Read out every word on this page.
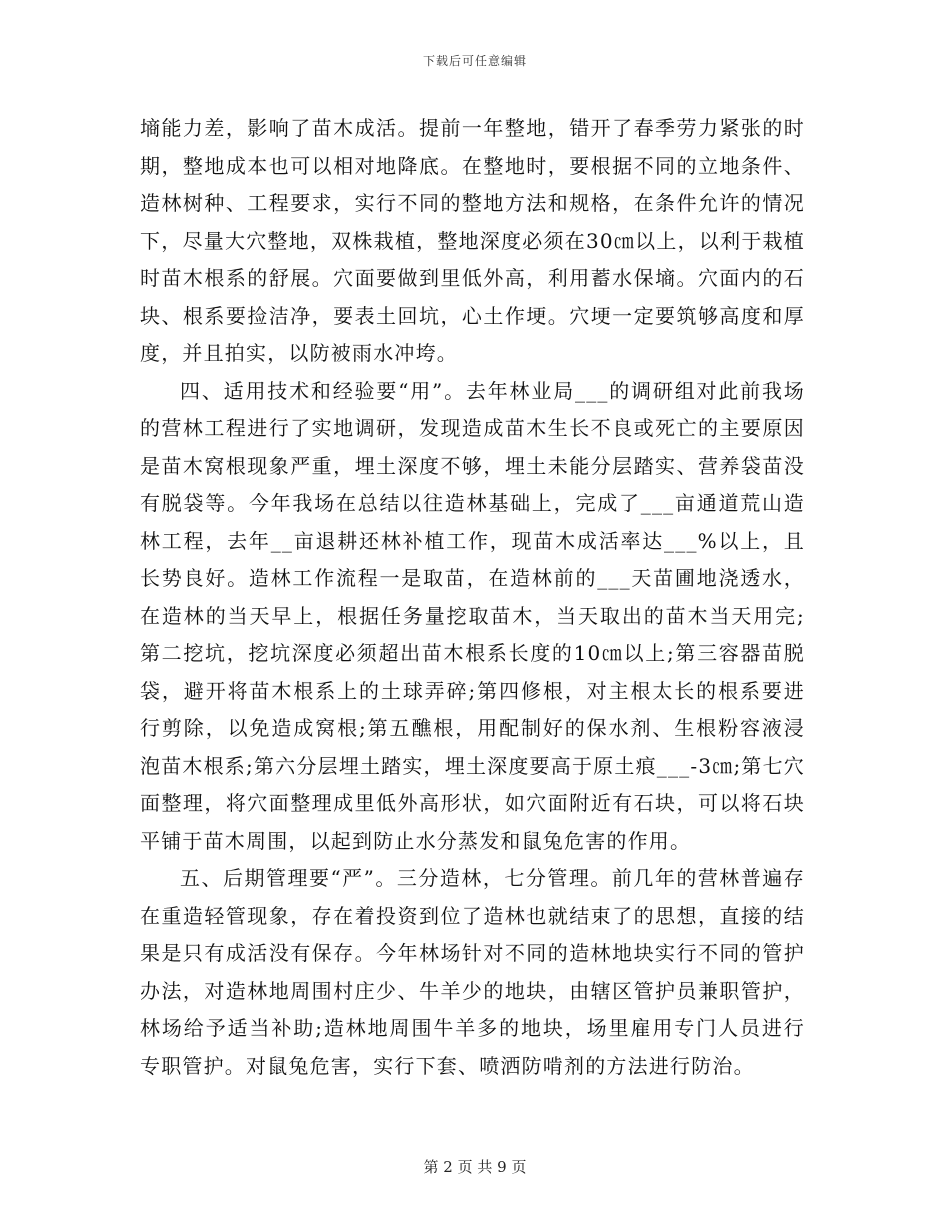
下载后可任意编辑

墒能力差，影响了苗木成活。提前一年整地，错开了春季劳力紧张的时期，整地成本也可以相对地降底。在整地时，要根据不同的立地条件、造林树种、工程要求，实行不同的整地方法和规格，在条件允许的情况下，尽量大穴整地，双株栽植，整地深度必须在30㎝以上，以利于栽植时苗木根系的舒展。穴面要做到里低外高，利用蓄水保墒。穴面内的石块、根系要捡洁净，要表土回坑，心土作埂。穴埂一定要筑够高度和厚度，并且拍实，以防被雨水冲垮。

四、适用技术和经验要“用”。去年林业局___的调研组对此前我场的营林工程进行了实地调研，发现造成苗木生长不良或死亡的主要原因是苗木窝根现象严重，埋土深度不够，埋土未能分层踏实、营养袋苗没有脱袋等。今年我场在总结以往造林基础上，完成了___亩通道荒山造林工程，去年__亩退耕还林补植工作，现苗木成活率达___%以上，且长势良好。造林工作流程一是取苗，在造林前的___天苗圃地浇透水，在造林的当天早上，根据任务量挖取苗木，当天取出的苗木当天用完;第二挖坑，挖坑深度必须超出苗木根系长度的10㎝以上;第三容器苗脱袋，避开将苗木根系上的土球弄碎;第四修根，对主根太长的根系要进行剪除，以免造成窝根;第五醮根，用配制好的保水剂、生根粉容液浸泡苗木根系;第六分层埋土踏实，埋土深度要高于原土痕___-3㎝;第七穴面整理，将穴面整理成里低外高形状，如穴面附近有石块，可以将石块平铺于苗木周围，以起到防止水分蒸发和鼠兔危害的作用。

五、后期管理要“严”。三分造林，七分管理。前几年的营林普遍存在重造轻管现象，存在着投资到位了造林也就结束了的思想，直接的结果是只有成活没有保存。今年林场针对不同的造林地块实行不同的管护办法，对造林地周围村庄少、牛羊少的地块，由辖区管护员兼职管护，林场给予适当补助;造林地周围牛羊多的地块，场里雇用专门人员进行专职管护。对鼠兔危害，实行下套、喷洒防啃剂的方法进行防治。

第 2 页 共 9 页
